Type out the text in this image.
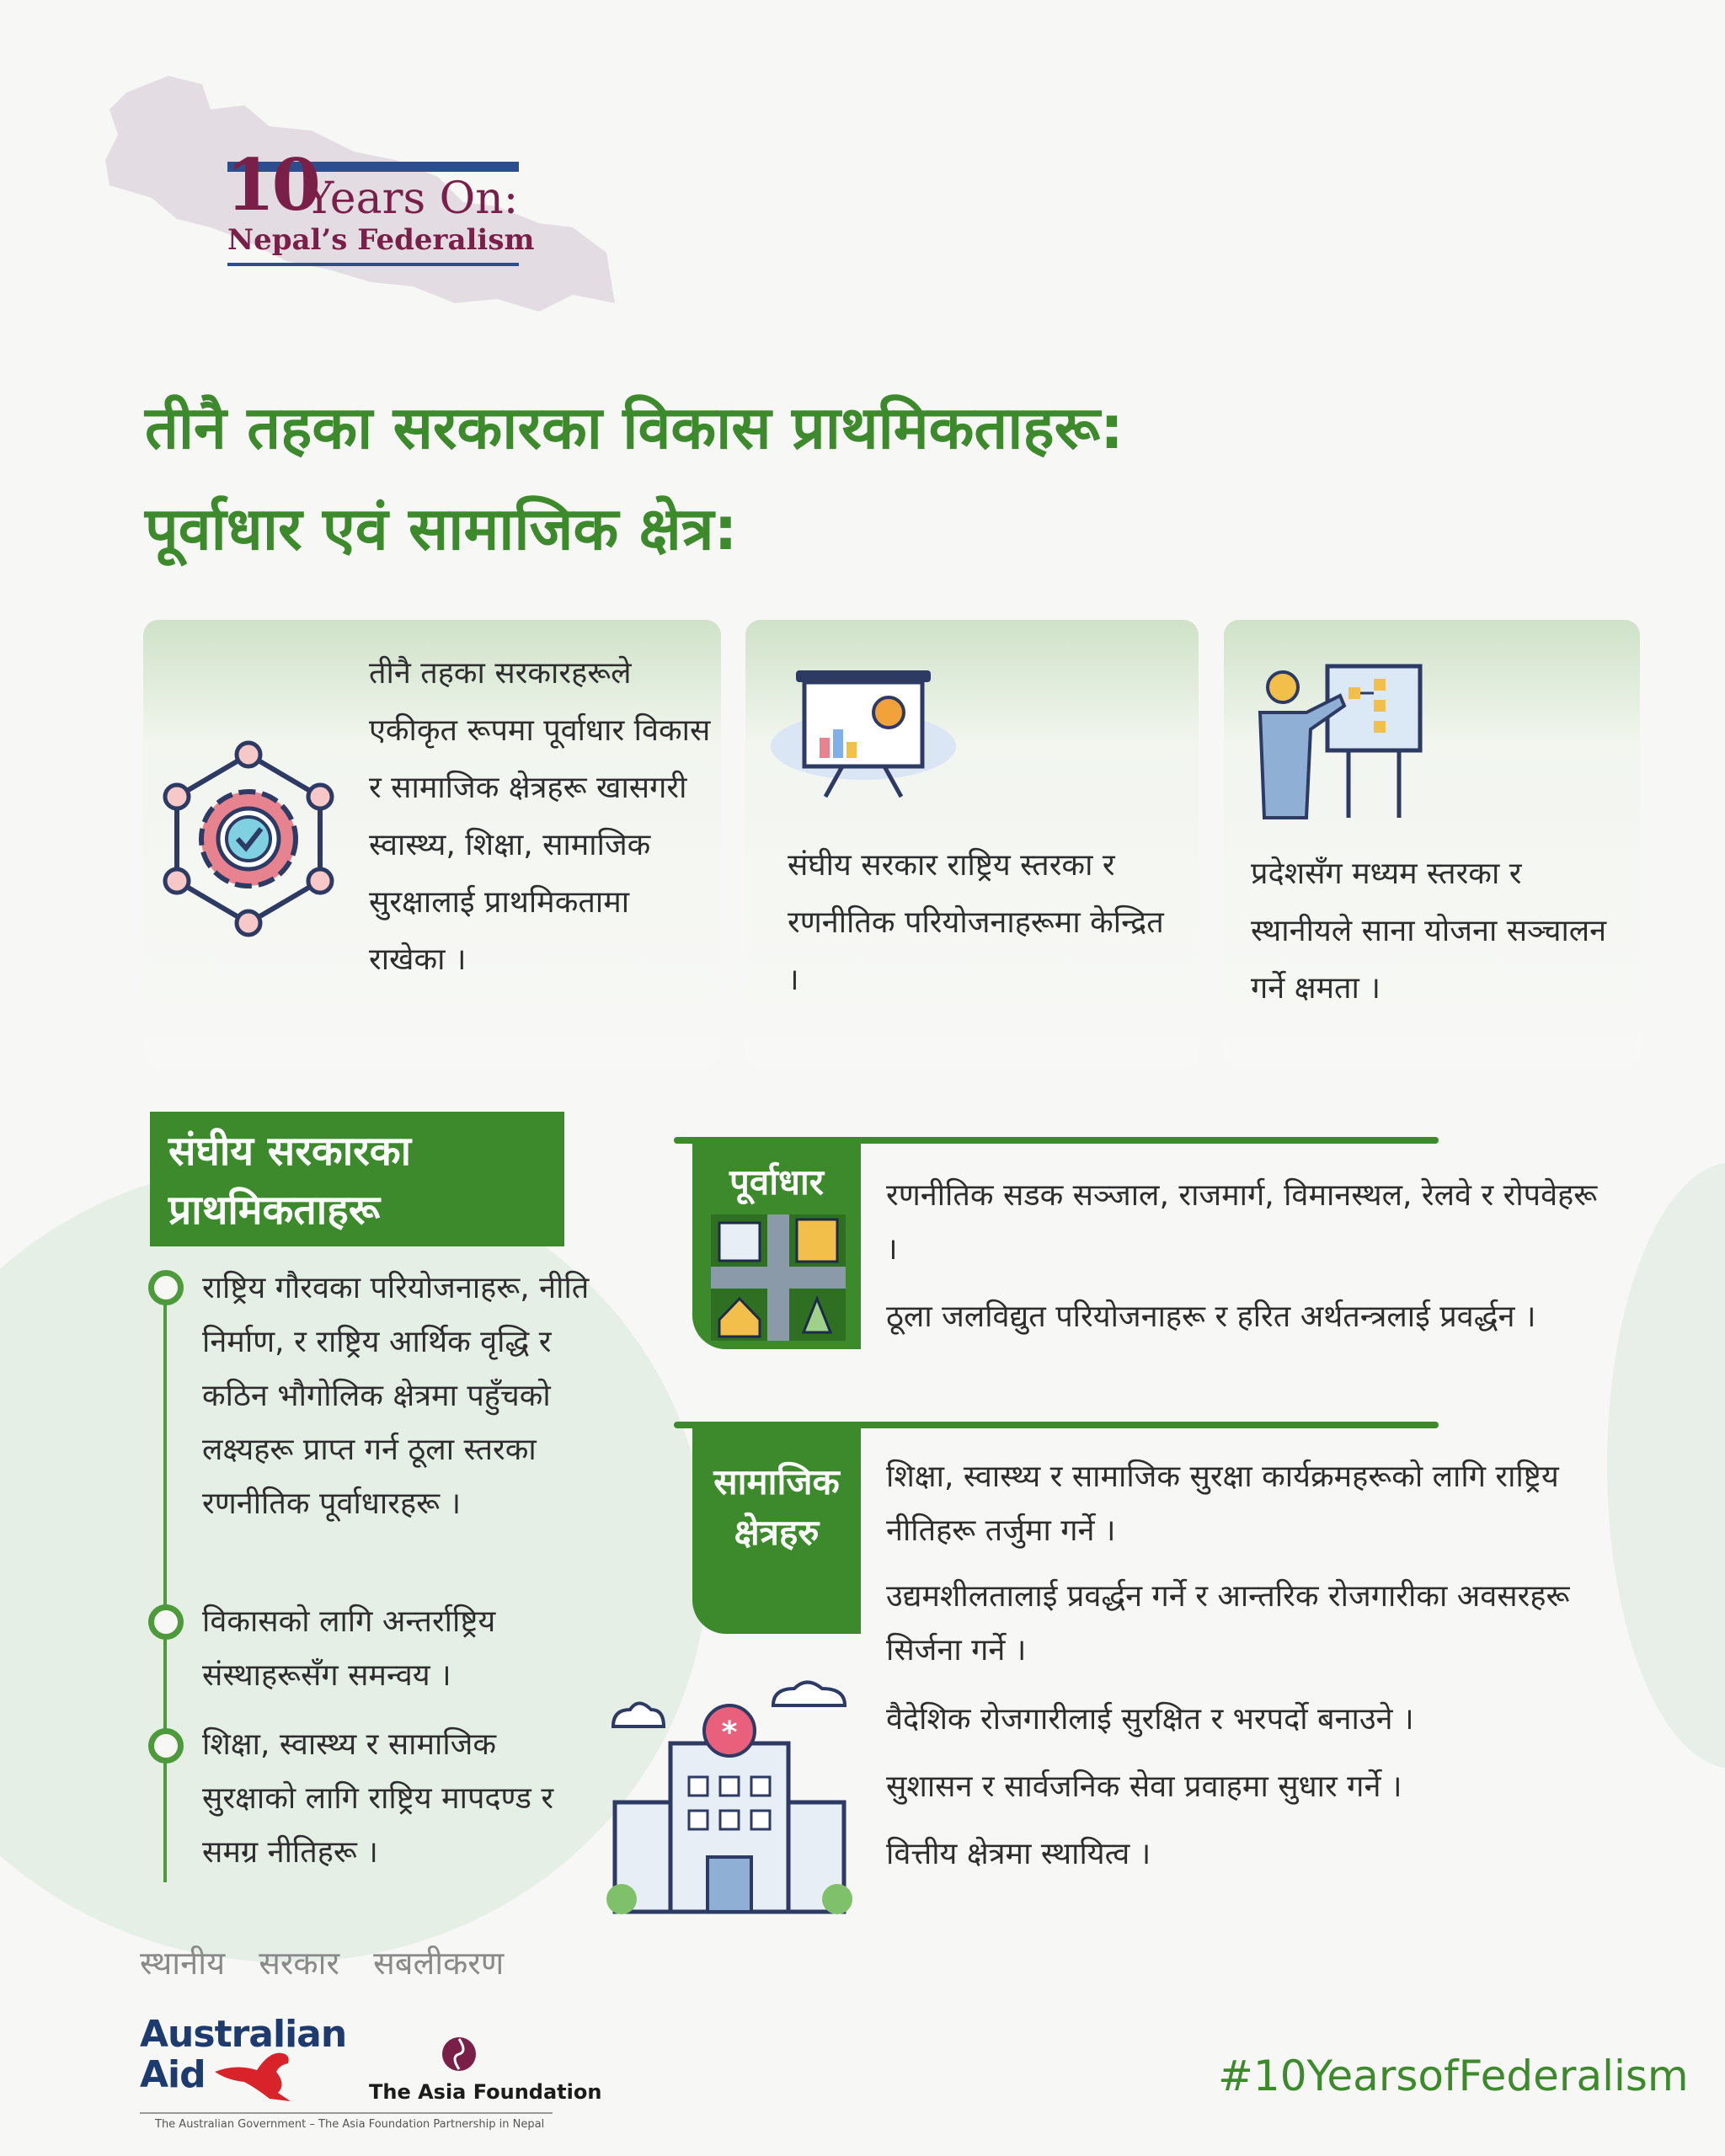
10
Years On:
Nepal’s Federalism
तीनै तहका सरकारका विकास प्राथमिकताहरू:
पूर्वाधार एवं सामाजिक क्षेत्र:
तीनै तहका सरकारहरूले एकीकृत रूपमा पूर्वाधार विकास र सामाजिक क्षेत्रहरू खासगरी स्वास्थ्य, शिक्षा, सामाजिक सुरक्षालाई प्राथमिकतामा राखेका ।
संघीय सरकार राष्ट्रिय स्तरका र रणनीतिक परियोजनाहरूमा केन्द्रित ।
प्रदेशसँग मध्यम स्तरका र स्थानीयले साना योजना सञ्चालन गर्ने क्षमता ।
संघीय सरकारका
प्राथमिकताहरू
राष्ट्रिय गौरवका परियोजनाहरू, नीति निर्माण, र राष्ट्रिय आर्थिक वृद्धि र कठिन भौगोलिक क्षेत्रमा पहुँचको लक्ष्यहरू प्राप्त गर्न ठूला स्तरका रणनीतिक पूर्वाधारहरू ।
विकासको लागि अन्तर्राष्ट्रिय संस्थाहरूसँग समन्वय ।
शिक्षा, स्वास्थ्य र सामाजिक सुरक्षाको लागि राष्ट्रिय मापदण्ड र समग्र नीतिहरू ।
पूर्वाधार	रणनीतिक सडक सञ्जाल, राजमार्ग, विमानस्थल, रेलवे र रोपवेहरू ।
ठूला जलविद्युत परियोजनाहरू र हरित अर्थतन्त्रलाई प्रवर्द्धन ।
सामाजिक
क्षेत्रहरु
*
शिक्षा, स्वास्थ्य र सामाजिक सुरक्षा कार्यक्रमहरूको लागि राष्ट्रिय नीतिहरू तर्जुमा गर्ने ।
उद्यमशीलतालाई प्रवर्द्धन गर्ने र आन्तरिक रोजगारीका अवसरहरू सिर्जना गर्ने ।
वैदेशिक रोजगारीलाई सुरक्षित र भरपर्दो बनाउने ।
सुशासन र सार्वजनिक सेवा प्रवाहमा सुधार गर्ने ।
वित्तीय क्षेत्रमा स्थायित्व ।
स्थानीय सरकार सबलीकरण
Australian
Aid	The Asia Foundation
The Australian Government – The Asia Foundation Partnership in Nepal
#10YearsofFederalism
